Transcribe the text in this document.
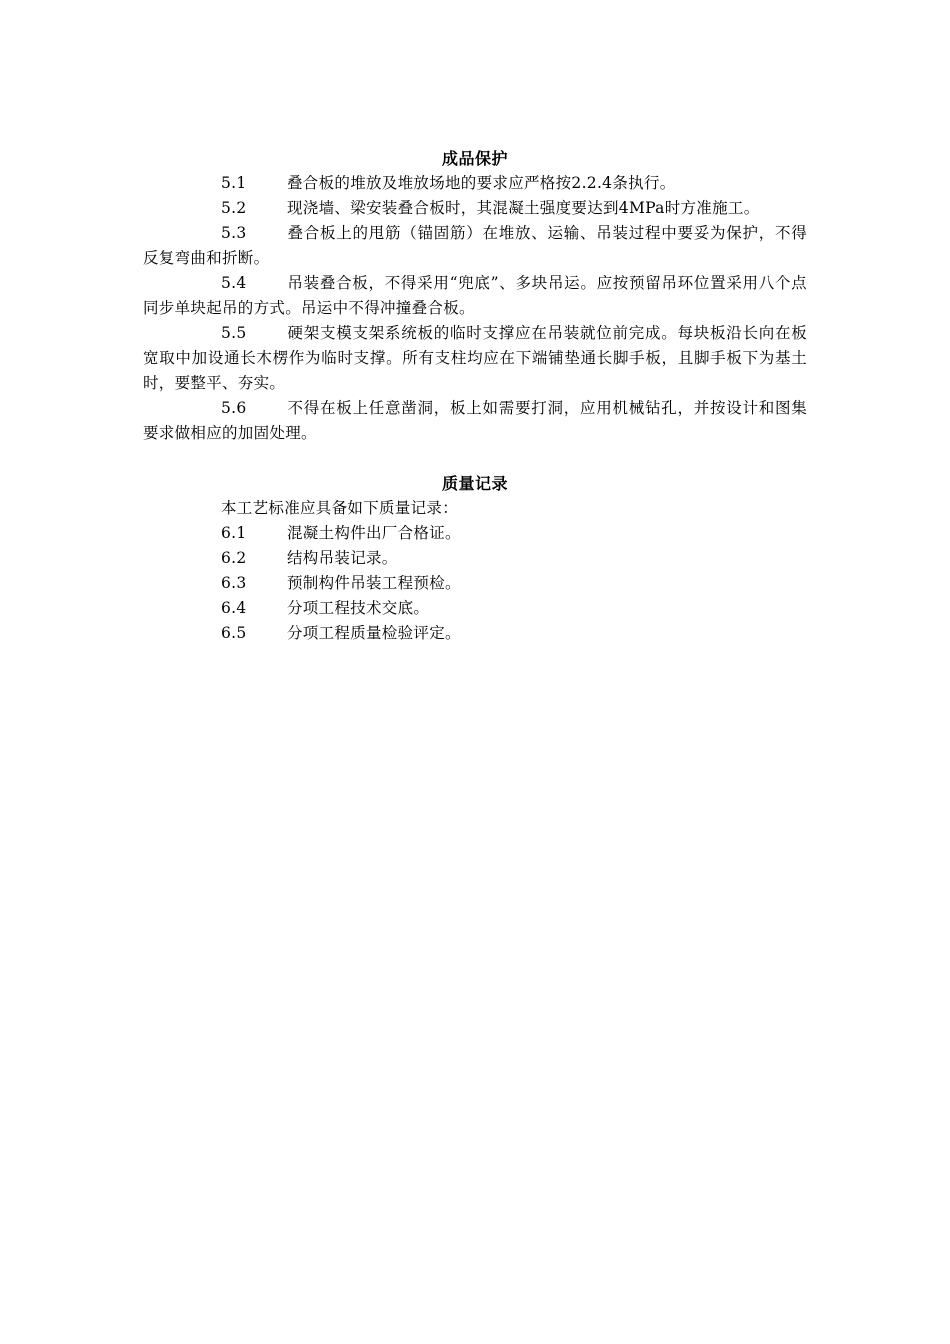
成品保护
5.1	叠合板的堆放及堆放场地的要求应严格按2.2.4条执行。
5.2	现浇墙、梁安装叠合板时，其混凝土强度要达到4MPa时方准施工。
5.3	叠合板上的甩筋（锚固筋）在堆放、运输、吊装过程中要妥为保护，不得反复弯曲和折断。
5.4	吊装叠合板，不得采用“兜底”、多块吊运。应按预留吊环位置采用八个点同步单块起吊的方式。吊运中不得冲撞叠合板。
5.5	硬架支模支架系统板的临时支撑应在吊装就位前完成。每块板沿长向在板宽取中加设通长木楞作为临时支撑。所有支柱均应在下端铺垫通长脚手板，且脚手板下为基土时，要整平、夯实。
5.6	不得在板上任意凿洞，板上如需要打洞，应用机械钻孔，并按设计和图集要求做相应的加固处理。
质量记录
本工艺标准应具备如下质量记录：
6.1	混凝土构件出厂合格证。
6.2	结构吊装记录。
6.3	预制构件吊装工程预检。
6.4	分项工程技术交底。
6.5	分项工程质量检验评定。
